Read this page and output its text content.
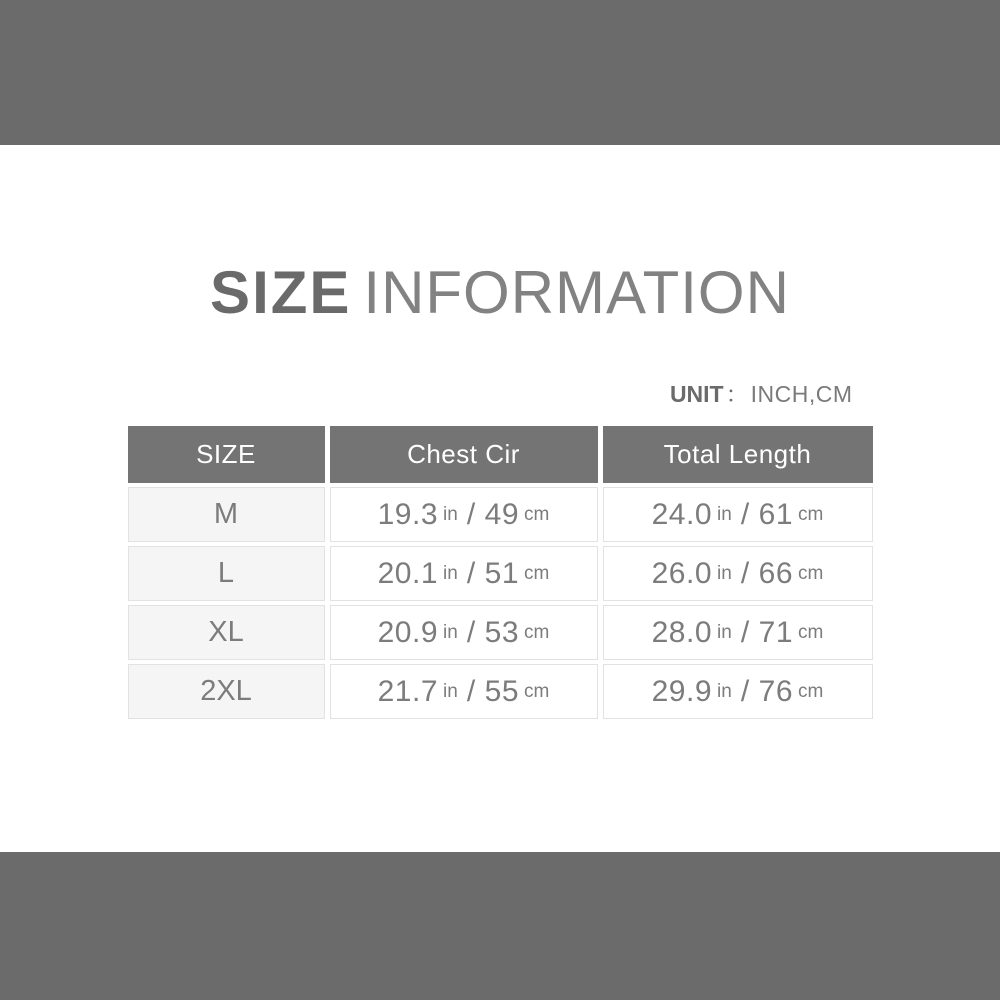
SIZE INFORMATION
UNIT：INCH,CM
SIZE	Chest Cir	Total Length
M	19.3 in / 49 cm	24.0 in / 61 cm
L	20.1 in / 51 cm	26.0 in / 66 cm
XL	20.9 in / 53 cm	28.0 in / 71 cm
2XL	21.7 in / 55 cm	29.9 in / 76 cm
